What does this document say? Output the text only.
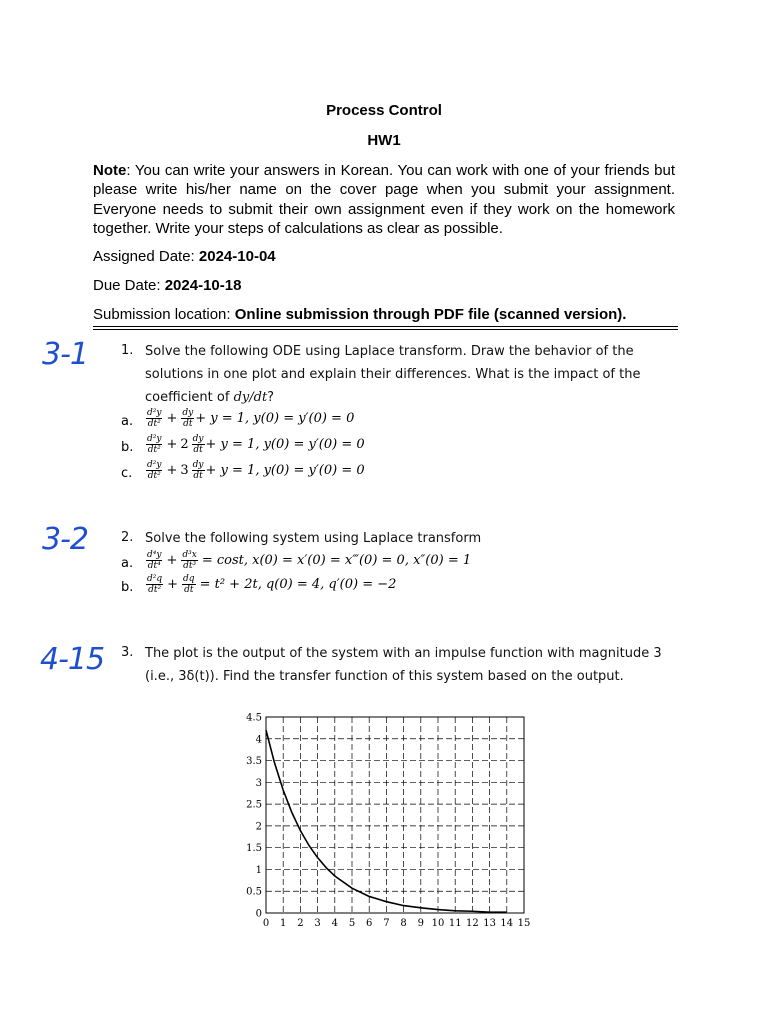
Process Control
HW1
Note: You can write your answers in Korean. You can work with one of your friends but please write his/her name on the cover page when you submit your assignment. Everyone needs to submit their own assignment even if they work on the homework together. Write your steps of calculations as clear as possible.
Assigned Date: 2024-10-04
Due Date: 2024-10-18
Submission location: Online submission through PDF file (scanned version).
3-1
3-2
4-15
1. Solve the following ODE using Laplace transform. Draw the behavior of the
solutions in one plot and explain their differences. What is the impact of the
coefficient of dy/dt?
a. $\frac{\text{d²y}}{\text{dt²}} + \frac{dy}{dt} + y = 1$, y(0) = y′(0) = 0
b. $\frac{\text{d²y}}{\text{dt²}} + 2 \frac{dy}{dt} + y = 1$, y(0) = y′(0) = 0
c. $\frac{\text{d²y}}{\text{dt²}} + 3 \frac{dy}{dt} + y = 1$, y(0) = y′(0) = 0
2. Solve the following system using Laplace transform
a. $\frac{\text{d⁴y}}{\text{dt⁴}} + \frac{\text{d³x}}{\text{dt³}} = \cos t$, x(0) = x′(0) = x‴(0) = 0, x″(0) = 1
b. $\frac{\text{d²q}}{\text{dt²}} + \frac{dq}{dt} = t^2 + 2t$, q(0) = 4, q′(0) = −2
3. The plot is the output of the system with an impulse function with magnitude 3
(i.e., 3δ(t)). Find the transfer function of this system based on the output.
0 1 2 3 4 5 6 7 8 9 10 11 12 13 14 15
0
0.5
1
1.5
2
2.5
3
3.5
4
4.5
